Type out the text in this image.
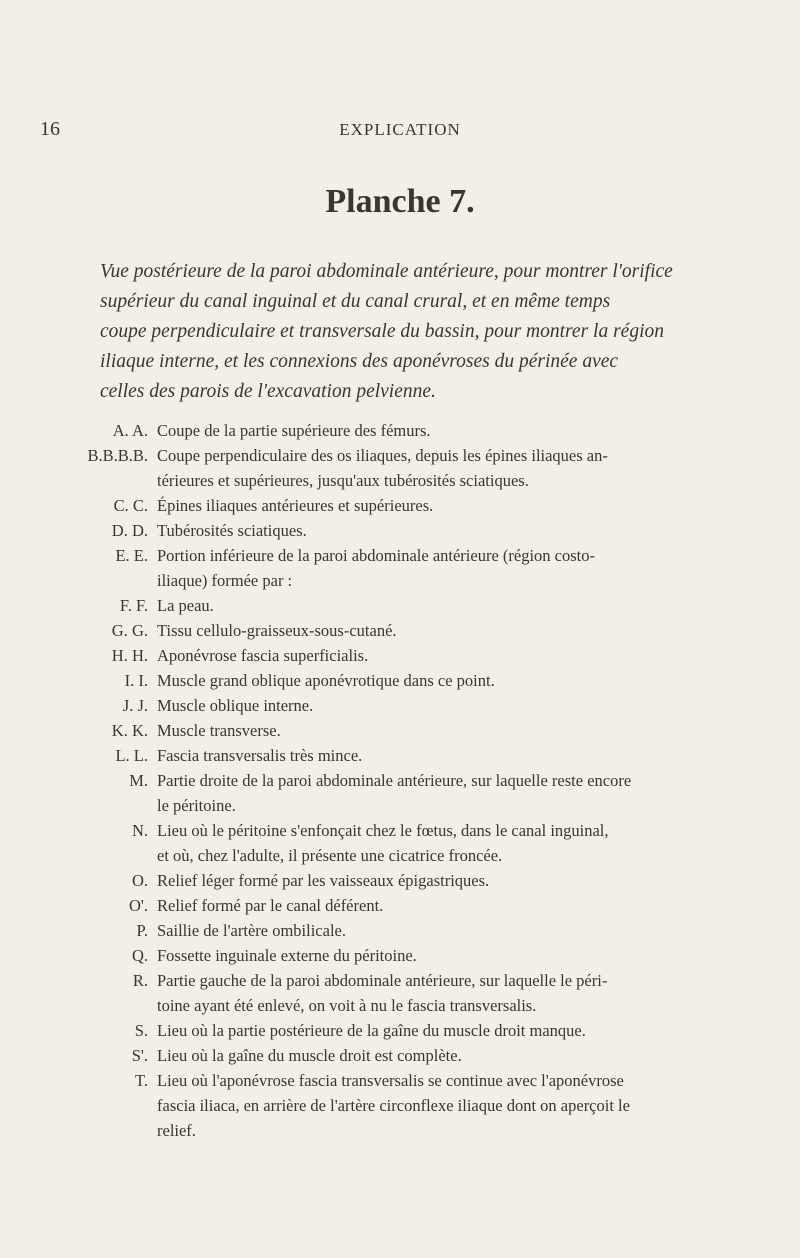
16	EXPLICATION
Planche 7.
Vue postérieure de la paroi abdominale antérieure, pour montrer l'orifice
supérieur du canal inguinal et du canal crural, et en même temps
coupe perpendiculaire et transversale du bassin, pour montrer la région
iliaque interne, et les connexions des aponévroses du périnée avec
celles des parois de l'excavation pelvienne.
A. A. Coupe de la partie supérieure des fémurs.
B.B.B.B. Coupe perpendiculaire des os iliaques, depuis les épines iliaques an-
térieures et supérieures, jusqu'aux tubérosités sciatiques.
C. C. Épines iliaques antérieures et supérieures.
D. D. Tubérosités sciatiques.
E. E. Portion inférieure de la paroi abdominale antérieure (région costo-
iliaque) formée par :
F. F. La peau.
G. G. Tissu cellulo-graisseux-sous-cutané.
H. H. Aponévrose fascia superficialis.
I. I. Muscle grand oblique aponévrotique dans ce point.
J. J. Muscle oblique interne.
K. K. Muscle transverse.
L. L. Fascia transversalis très mince.
M. Partie droite de la paroi abdominale antérieure, sur laquelle reste encore
le péritoine.
N. Lieu où le péritoine s'enfonçait chez le fœtus, dans le canal inguinal,
et où, chez l'adulte, il présente une cicatrice froncée.
O. Relief léger formé par les vaisseaux épigastriques.
O'. Relief formé par le canal déférent.
P. Saillie de l'artère ombilicale.
Q. Fossette inguinale externe du péritoine.
R. Partie gauche de la paroi abdominale antérieure, sur laquelle le péri-
toine ayant été enlevé, on voit à nu le fascia transversalis.
S. Lieu où la partie postérieure de la gaîne du muscle droit manque.
S'. Lieu où la gaîne du muscle droit est complète.
T. Lieu où l'aponévrose fascia transversalis se continue avec l'aponévrose
fascia iliaca, en arrière de l'artère circonflexe iliaque dont on aperçoit le
relief.
